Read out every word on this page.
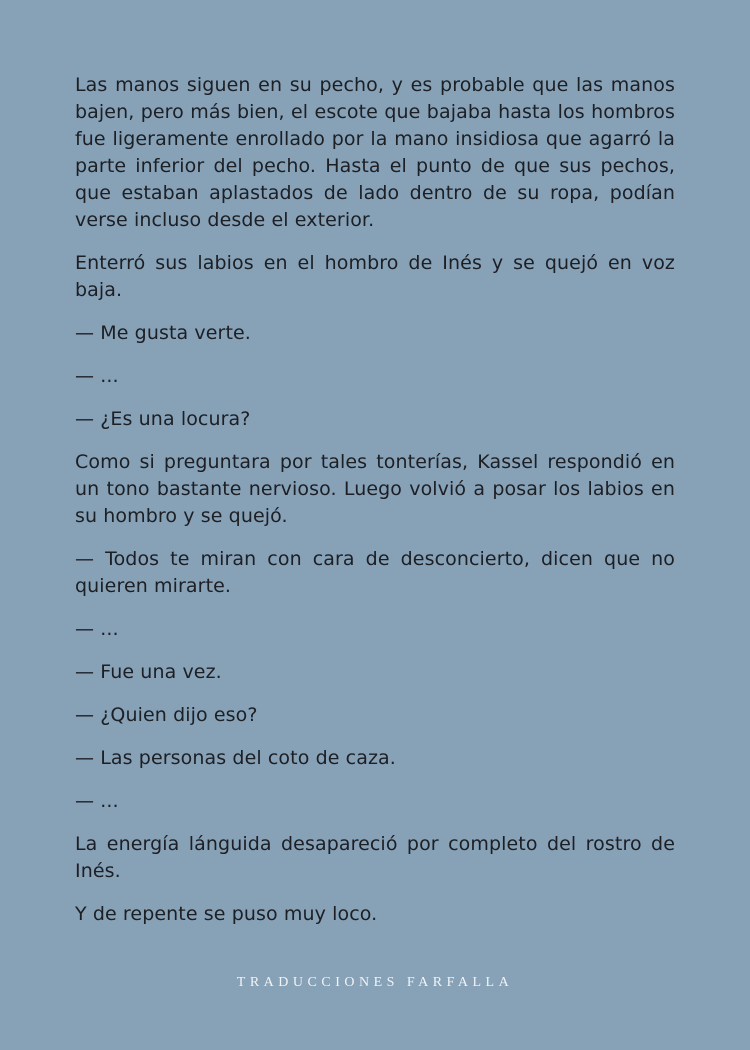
Las manos siguen en su pecho, y es probable que las manos bajen, pero más bien, el escote que bajaba hasta los hombros fue ligeramente enrollado por la mano insidiosa que agarró la parte inferior del pecho. Hasta el punto de que sus pechos, que estaban aplastados de lado dentro de su ropa, podían verse incluso desde el exterior.

Enterró sus labios en el hombro de Inés y se quejó en voz baja.

— Me gusta verte.

— ...

— ¿Es una locura?

Como si preguntara por tales tonterías, Kassel respondió en un tono bastante nervioso. Luego volvió a posar los labios en su hombro y se quejó.

— Todos te miran con cara de desconcierto, dicen que no quieren mirarte.

— ...

— Fue una vez.

— ¿Quien dijo eso?

— Las personas del coto de caza.

— ...

La energía lánguida desapareció por completo del rostro de Inés.

Y de repente se puso muy loco.

TRADUCCIONES FARFALLA
